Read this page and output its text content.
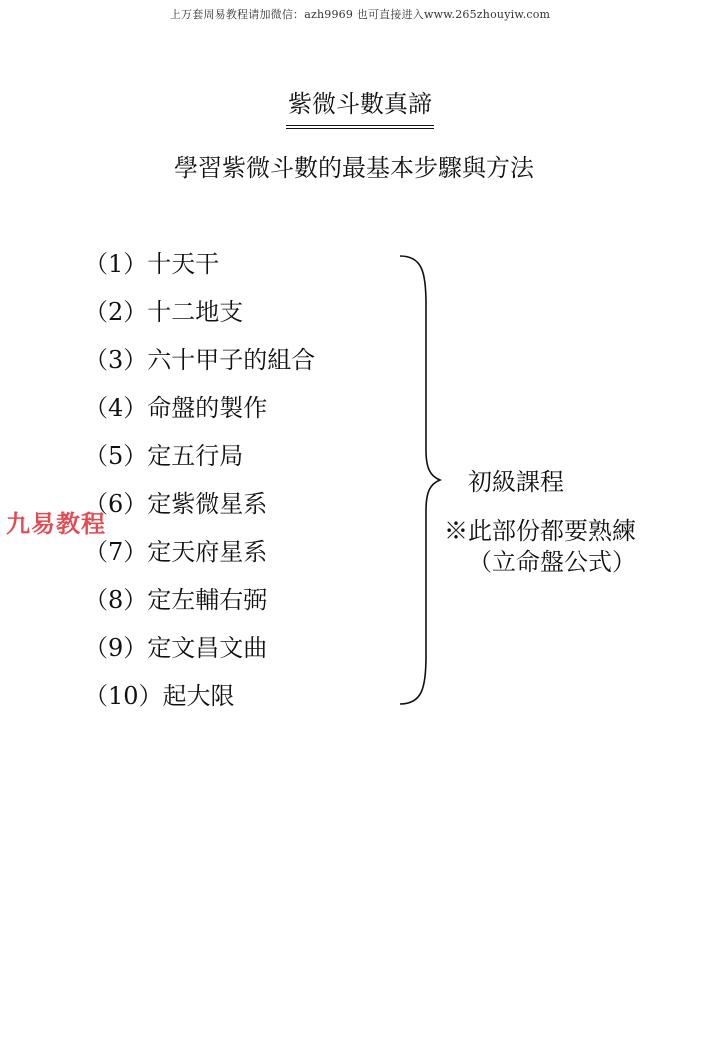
上万套周易教程请加微信：azh9969 也可直接进入www.265zhouyiw.com
紫微斗數真諦
學習紫微斗數的最基本步驟與方法
（1）十天干
（2）十二地支
（3）六十甲子的組合
（4）命盤的製作
（5）定五行局
（6）定紫微星系
（7）定天府星系
（8）定左輔右弼
（9）定文昌文曲
（10）起大限
初級課程
※此部份都要熟練
（立命盤公式）
九易教程
